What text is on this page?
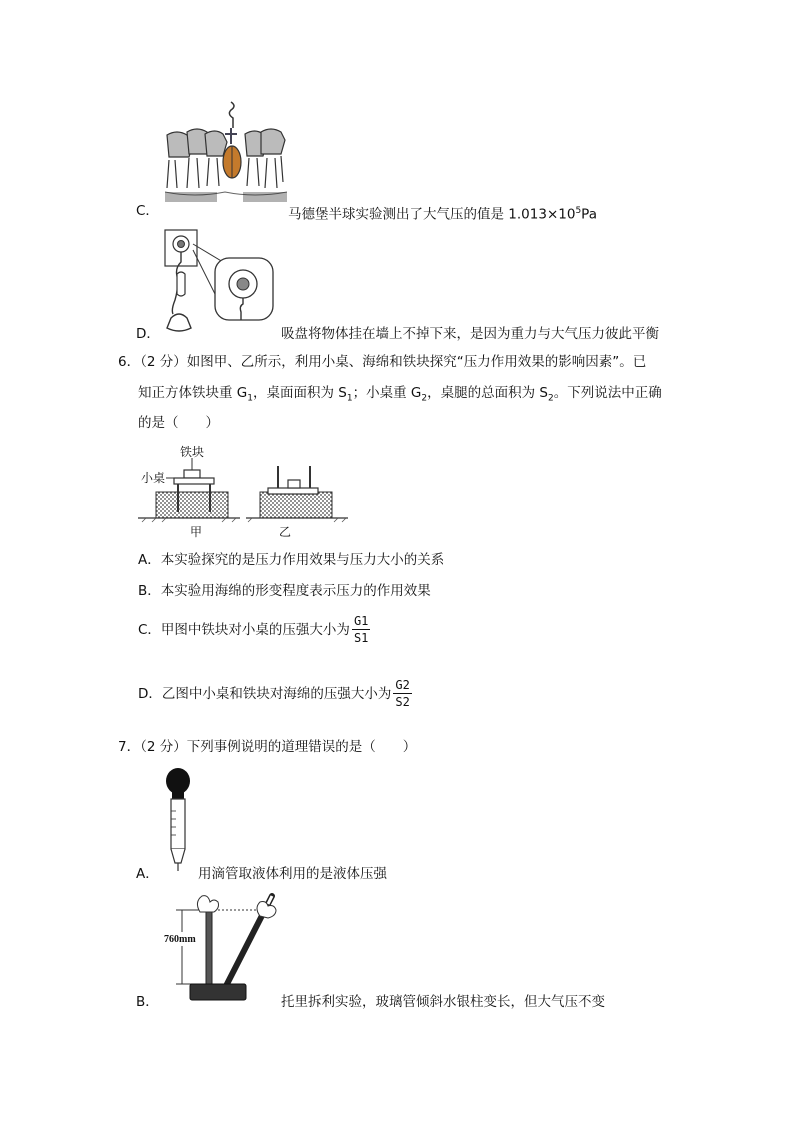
C．	马德堡半球实验测出了大气压的值是 $1.013\times 10^5Pa$
D．	吸盘将物体挂在墙上不掉下来，是因为重力与大气压力彼此平衡
6．（2 分）如图甲、乙所示，利用小桌、海绵和铁块探究“压力作用效果的影响因素”。已
知正方体铁块重 $G_1$，桌面面积为 $S_1$；小桌重 $G_2$，桌腿的总面积为 $S_2$。下列说法中正确
的是（　　）
铁块
小桌
甲	乙
A．本实验探究的是压力作用效果与压力大小的关系
B．本实验用海绵的形变程度表示压力的作用效果
C．甲图中铁块对小桌的压强大小为 $\frac{G1}{S1}$
D．乙图中小桌和铁块对海绵的压强大小为 $\frac{G2}{S2}$
7．（2 分）下列事例说明的道理错误的是（　　）
A．	用滴管取液体利用的是液体压强
760mm
B．	托里拆利实验，玻璃管倾斜水银柱变长，但大气压不变
